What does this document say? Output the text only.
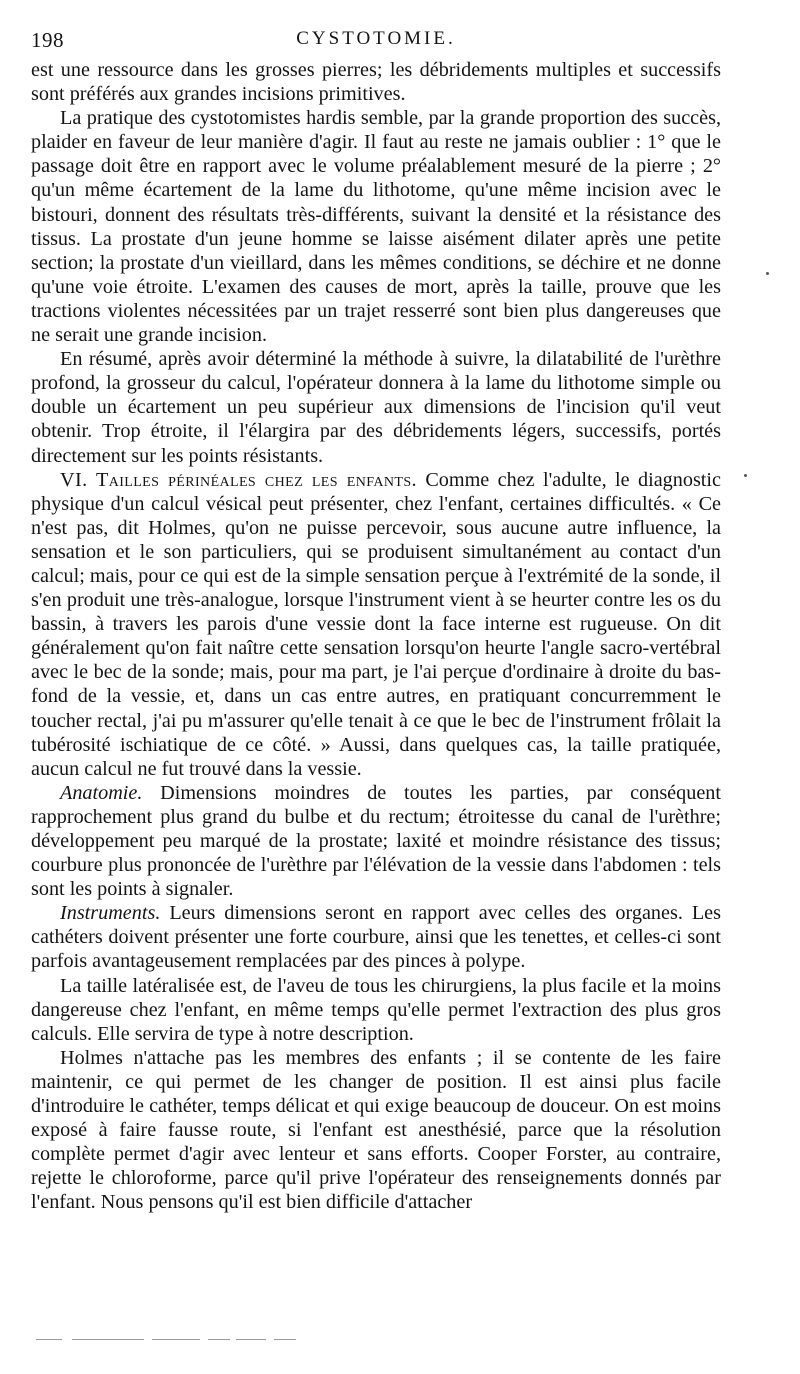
198	CYSTOTOMIE.

est une ressource dans les grosses pierres; les débridements multiples et successifs sont préférés aux grandes incisions primitives.

La pratique des cystotomistes hardis semble, par la grande proportion des succès, plaider en faveur de leur manière d'agir. Il faut au reste ne jamais oublier : 1° que le passage doit être en rapport avec le volume préalablement mesuré de la pierre ; 2° qu'un même écartement de la lame du lithotome, qu'une même incision avec le bistouri, donnent des résultats très-différents, suivant la densité et la résistance des tissus. La prostate d'un jeune homme se laisse aisément dilater après une petite section; la prostate d'un vieillard, dans les mêmes conditions, se déchire et ne donne qu'une voie étroite. L'examen des causes de mort, après la taille, prouve que les tractions violentes nécessitées par un trajet resserré sont bien plus dangereuses que ne serait une grande incision.

En résumé, après avoir déterminé la méthode à suivre, la dilatabilité de l'urèthre profond, la grosseur du calcul, l'opérateur donnera à la lame du lithotome simple ou double un écartement un peu supérieur aux dimensions de l'incision qu'il veut obtenir. Trop étroite, il l'élargira par des débridements légers, successifs, portés directement sur les points résistants.

VI. Tailles périnéales chez les enfants. Comme chez l'adulte, le diagnostic physique d'un calcul vésical peut présenter, chez l'enfant, certaines difficultés. « Ce n'est pas, dit Holmes, qu'on ne puisse percevoir, sous aucune autre influence, la sensation et le son particuliers, qui se produisent simultanément au contact d'un calcul; mais, pour ce qui est de la simple sensation perçue à l'extrémité de la sonde, il s'en produit une très-analogue, lorsque l'instrument vient à se heurter contre les os du bassin, à travers les parois d'une vessie dont la face interne est rugueuse. On dit généralement qu'on fait naître cette sensation lorsqu'on heurte l'angle sacro-vertébral avec le bec de la sonde; mais, pour ma part, je l'ai perçue d'ordinaire à droite du bas-fond de la vessie, et, dans un cas entre autres, en pratiquant concurremment le toucher rectal, j'ai pu m'assurer qu'elle tenait à ce que le bec de l'instrument frôlait la tubérosité ischiatique de ce côté. » Aussi, dans quelques cas, la taille pratiquée, aucun calcul ne fut trouvé dans la vessie.

Anatomie. Dimensions moindres de toutes les parties, par conséquent rapprochement plus grand du bulbe et du rectum; étroitesse du canal de l'urèthre; développement peu marqué de la prostate; laxité et moindre résistance des tissus; courbure plus prononcée de l'urèthre par l'élévation de la vessie dans l'abdomen : tels sont les points à signaler.

Instruments. Leurs dimensions seront en rapport avec celles des organes. Les cathéters doivent présenter une forte courbure, ainsi que les tenettes, et celles-ci sont parfois avantageusement remplacées par des pinces à polype.

La taille latéralisée est, de l'aveu de tous les chirurgiens, la plus facile et la moins dangereuse chez l'enfant, en même temps qu'elle permet l'extraction des plus gros calculs. Elle servira de type à notre description.

Holmes n'attache pas les membres des enfants ; il se contente de les faire maintenir, ce qui permet de les changer de position. Il est ainsi plus facile d'introduire le cathéter, temps délicat et qui exige beaucoup de douceur. On est moins exposé à faire fausse route, si l'enfant est anesthésié, parce que la résolution complète permet d'agir avec lenteur et sans efforts. Cooper Forster, au contraire, rejette le chloroforme, parce qu'il prive l'opérateur des renseignements donnés par l'enfant. Nous pensons qu'il est bien difficile d'attacher
